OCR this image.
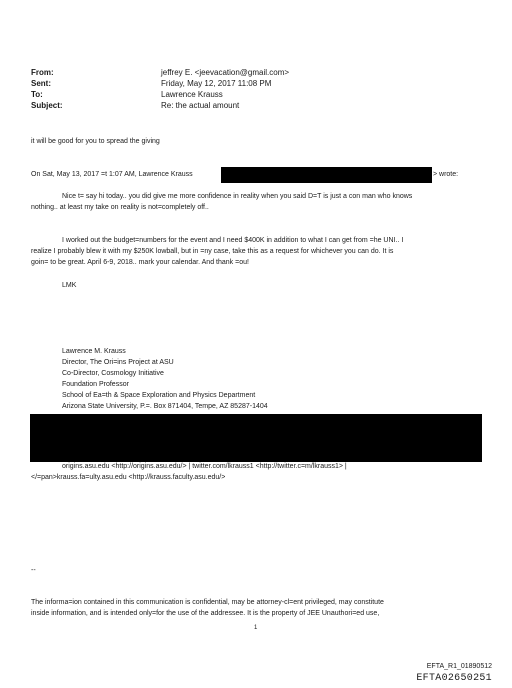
From:	jeffrey E. <jeevacation@gmail.com>
Sent:	Friday, May 12, 2017 11:08 PM
To:	Lawrence Krauss
Subject:	Re: the actual amount
it will be good for you to spread the giving
On Sat, May 13, 2017 =t 1:07 AM, Lawrence Krauss	> wrote:
Nice t= say hi today.. you did give me more confidence in reality when you said D=T is just a con man who knows
nothing.. at least my take on reality is not=completely off..
I worked out the budget=numbers for the event and I need $400K in addition to what I can get from =he UNI.. I
realize I probably blew it with my $250K lowball, but in =ny case, take this as a request for whichever you can do. It is
goin= to be great. April 6-9, 2018.. mark your calendar. And thank =ou!
LMK
Lawrence M. Krauss
Director, The Ori=ins Project at ASU
Co-Director, Cosmology Initiative
Foundation Professor
School of Ea=th & Space Exploration and Physics Department
Arizona State University, P.=. Box 871404, Tempe, AZ 85287-1404
origins.asu.edu <http://origins.asu.edu/> | twitter.com/lkrauss1 <http://twitter.c=m/lkrauss1> |
</=pan>krauss.fa=ulty.asu.edu <http://krauss.faculty.asu.edu/>
--
The informa=ion contained in this communication is confidential, may be attorney-cl=ent privileged, may constitute
inside information, and is intended only=for the use of the addressee. It is the property of JEE Unauthori=ed use,
1
EFTA_R1_01890512
EFTA02650251
